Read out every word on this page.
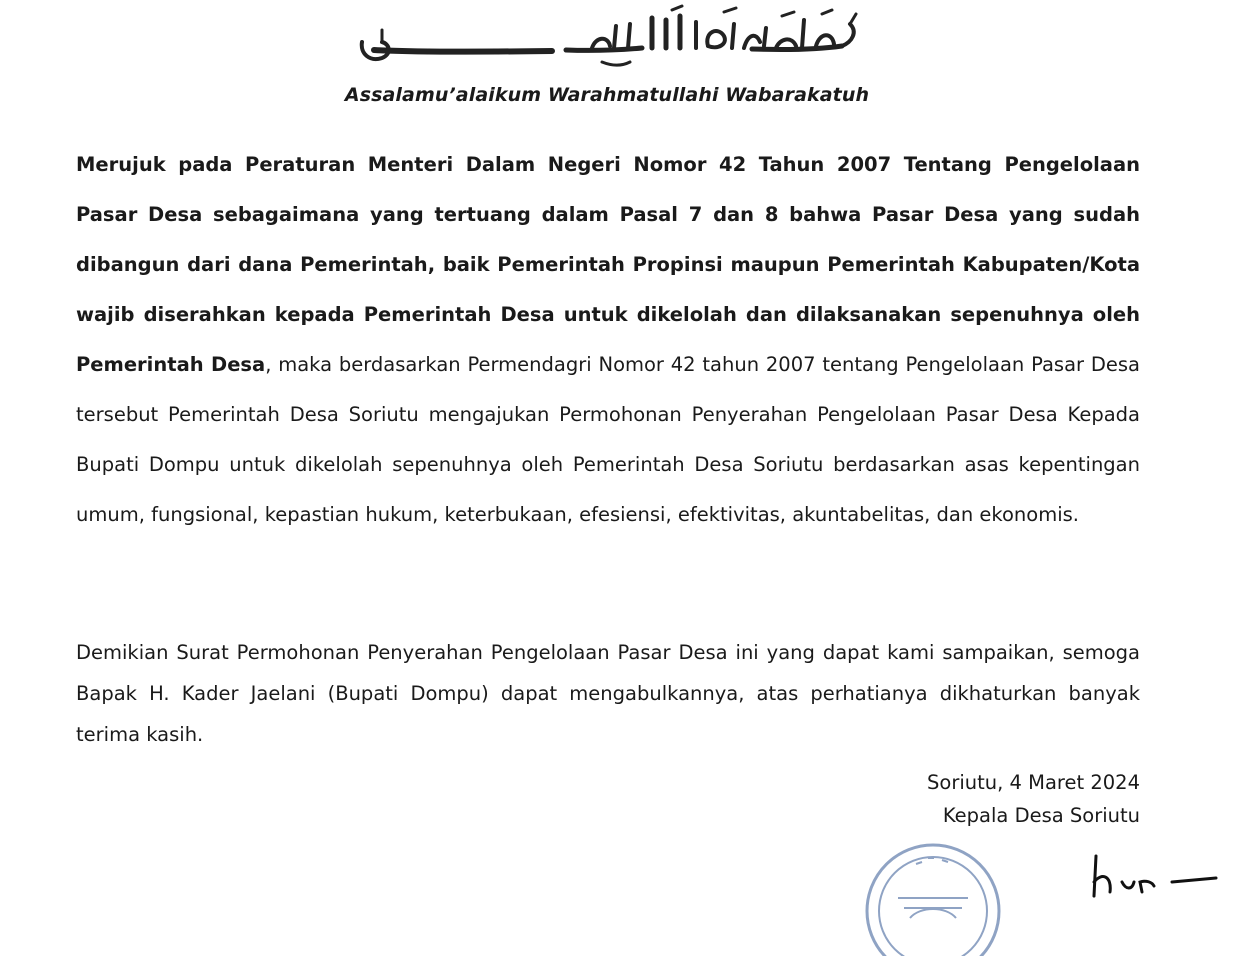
بسم الله الرحمن الرحيم
Assalamu’alaikum Warahmatullahi Wabarakatuh

Merujuk pada Peraturan Menteri Dalam Negeri Nomor 42 Tahun 2007 Tentang Pengelolaan Pasar Desa sebagaimana yang tertuang dalam Pasal 7 dan 8 bahwa Pasar Desa yang sudah dibangun dari dana Pemerintah, baik Pemerintah Propinsi maupun Pemerintah Kabupaten/Kota wajib diserahkan kepada Pemerintah Desa untuk dikelolah dan dilaksanakan sepenuhnya oleh Pemerintah Desa, maka berdasarkan Permendagri Nomor 42 tahun 2007 tentang Pengelolaan Pasar Desa tersebut Pemerintah Desa Soriutu mengajukan Permohonan Penyerahan Pengelolaan Pasar Desa Kepada Bupati Dompu untuk dikelolah sepenuhnya oleh Pemerintah Desa Soriutu berdasarkan asas kepentingan umum, fungsional, kepastian hukum, keterbukaan, efesiensi, efektivitas, akuntabelitas, dan ekonomis.

Demikian Surat Permohonan Penyerahan Pengelolaan Pasar Desa ini yang dapat kami sampaikan, semoga Bapak H. Kader Jaelani (Bupati Dompu) dapat mengabulkannya, atas perhatianya dikhaturkan banyak terima kasih.

Soriutu, 4 Maret 2024
Kepala Desa Soriutu
